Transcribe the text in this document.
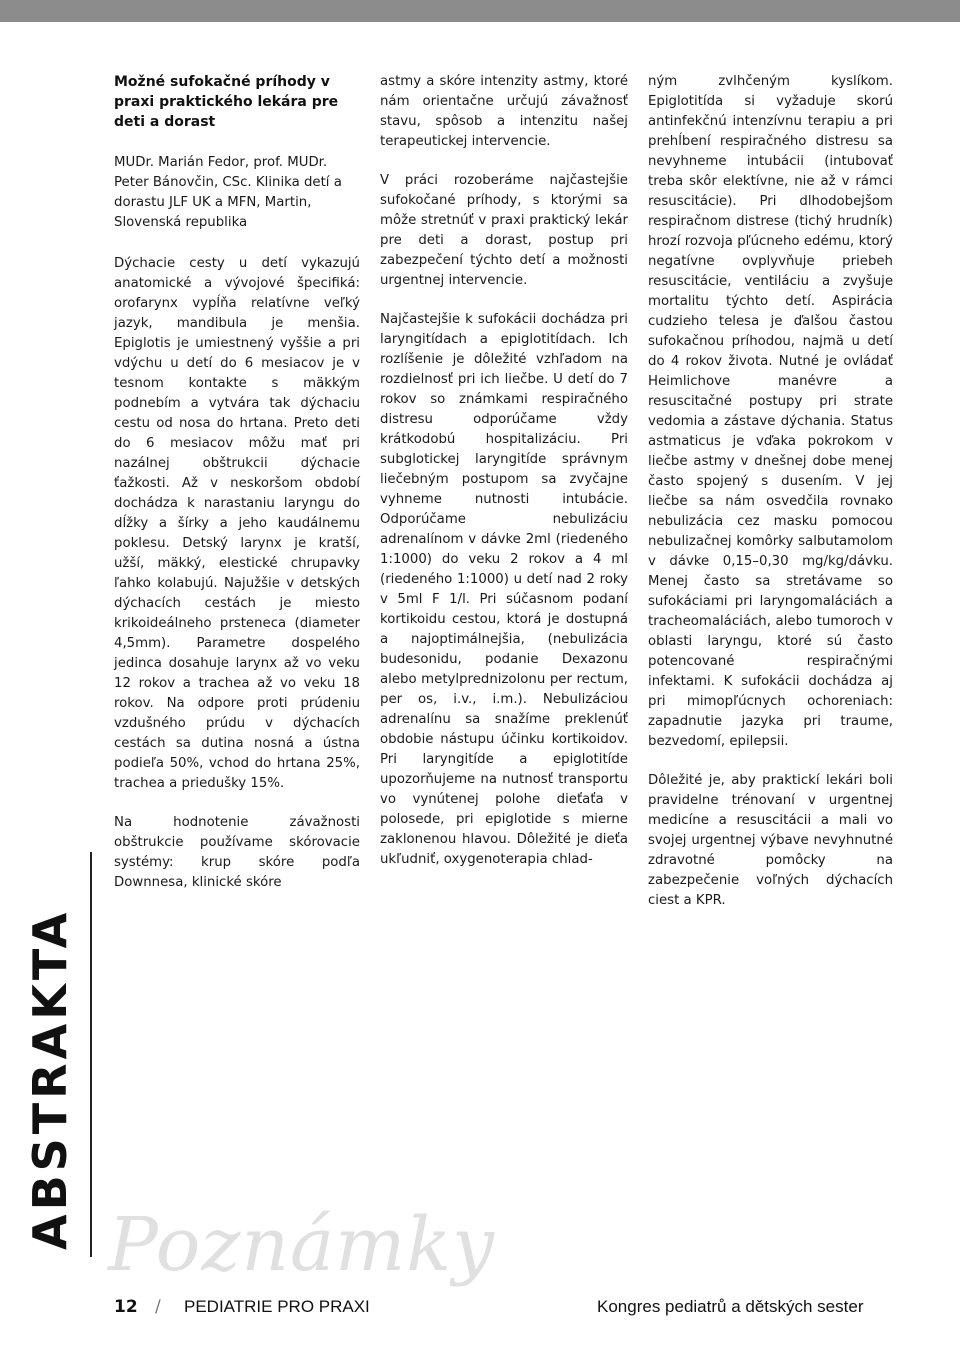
Možné sufokačné príhody v praxi praktického lekára pre deti a dorast
MUDr. Marián Fedor, prof. MUDr. Peter Bánovčin, CSc. Klinika detí a dorastu JLF UK a MFN, Martin, Slovenská republika

Dýchacie cesty u detí vykazujú anatomické a vývojové špecifiká: orofarynx vypĺňa relatívne veľký jazyk, mandibula je menšia. Epiglotis je umiestnený vyššie a pri vdýchu u detí do 6 mesiacov je v tesnom kontakte s mäkkým podnebím a vytvára tak dýchaciu cestu od nosa do hrtana. Preto deti do 6 mesiacov môžu mať pri nazálnej obštrukcii dýchacie ťažkosti. Až v neskoršom období dochádza k narastaniu laryngu do dĺžky a šírky a jeho kaudálnemu poklesu. Detský larynx je kratší, užší, mäkký, elestické chrupavky ľahko kolabujú. Najužšie v detských dýchacích cestách je miesto krikoideálneho prsteneca (diameter 4,5mm). Parametre dospelého jedinca dosahuje larynx až vo veku 12 rokov a trachea až vo veku 18 rokov. Na odpore proti prúdeniu vzdušného prúdu v dýchacích cestách sa dutina nosná a ústna podieľa 50%, vchod do hrtana 25%, trachea a priedušky 15%.

Na hodnotenie závažnosti obštrukcie používame skórovacie systémy: krup skóre podľa Downnesa, klinické skóre

astmy a skóre intenzity astmy, ktoré nám orientačne určujú závažnosť stavu, spôsob a intenzitu našej terapeutickej intervencie.

V práci rozoberáme najčastejšie sufokočané príhody, s ktorými sa môže stretnúť v praxi praktický lekár pre deti a dorast, postup pri zabezpečení týchto detí a možnosti urgentnej intervencie.

Najčastejšie k sufokácii dochádza pri laryngitídach a epiglotitídach. Ich rozlíšenie je dôležité vzhľadom na rozdielnosť pri ich liečbe. U detí do 7 rokov so známkami respiračného distresu odporúčame vždy krátkodobú hospitalizáciu. Pri subglotickej laryngitíde správnym liečebným postupom sa zvyčajne vyhneme nutnosti intubácie. Odporúčame nebulizáciu adrenalínom v dávke 2ml (riedeného 1:1000) do veku 2 rokov a 4 ml (riedeného 1:1000) u detí nad 2 roky v 5ml F 1/l. Pri súčasnom podaní kortikoidu cestou, ktorá je dostupná a najoptimálnejšia, (nebulizácia budesonidu, podanie Dexazonu alebo metylprednizolonu per rectum, per os, i.v., i.m.). Nebulizáciou adrenalínu sa snažíme preklenúť obdobie nástupu účinku kortikoidov. Pri laryngitíde a epiglotitíde upozorňujeme na nutnosť transportu vo vynútenej polohe dieťaťa v polosede, pri epiglotide s mierne zaklonenou hlavou. Dôležité je dieťa ukľudniť, oxygenoterapia chlad-

ným zvlhčeným kyslíkom. Epiglotitída si vyžaduje skorú antinfekčnú intenzívnu terapiu a pri prehĺbení respiračného distresu sa nevyhneme intubácii (intubovať treba skôr elektívne, nie až v rámci resuscitácie). Pri dlhodobejšom respiračnom distrese (tichý hrudník) hrozí rozvoja pľúcneho edému, ktorý negatívne ovplyvňuje priebeh resuscitácie, ventiláciu a zvyšuje mortalitu týchto detí. Aspirácia cudzieho telesa je ďalšou častou sufokačnou príhodou, najmä u detí do 4 rokov života. Nutné je ovládať Heimlichove manévre a resuscitačné postupy pri strate vedomia a zástave dýchania. Status astmaticus je vďaka pokrokom v liečbe astmy v dnešnej dobe menej často spojený s dusením. V jej liečbe sa nám osvedčila rovnako nebulizácia cez masku pomocou nebulizačnej komôrky salbutamolom v dávke 0,15–0,30 mg/kg/dávku. Menej často sa stretávame so sufokáciami pri laryngomaláciách a tracheomaláciách, alebo tumoroch v oblasti laryngu, ktoré sú často potencované respiračnými infektami. K sufokácii dochádza aj pri mimopľúcnych ochoreniach: zapadnutie jazyka pri traume, bezvedomí, epilepsii.

Dôležité je, aby praktickí lekári boli pravidelne trénovaní v urgentnej medicíne a resuscitácii a mali vo svojej urgentnej výbave nevyhnutné zdravotné pomôcky na zabezpečenie voľných dýchacích ciest a KPR.

ABSTRAKTA Poznámky
12 / PEDIATRIE PRO PRAXI	Kongres pediatrů a dětských sester
